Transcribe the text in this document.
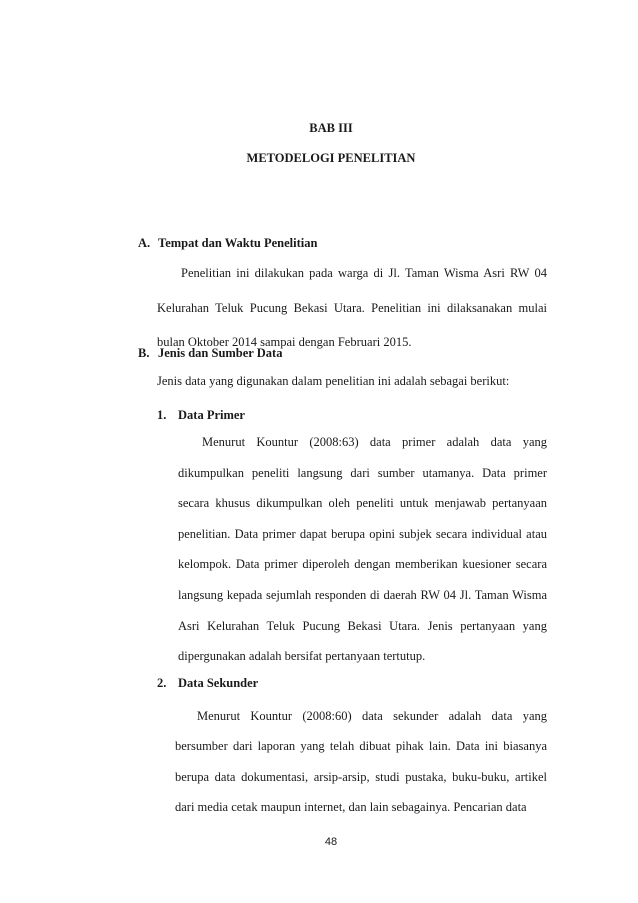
BAB III
METODELOGI PENELITIAN
A. Tempat dan Waktu Penelitian

Penelitian ini dilakukan pada warga di Jl. Taman Wisma Asri RW 04 Kelurahan Teluk Pucung Bekasi Utara. Penelitian ini dilaksanakan mulai bulan Oktober 2014 sampai dengan Februari 2015.

B. Jenis dan Sumber Data

Jenis data yang digunakan dalam penelitian ini adalah sebagai berikut:

1. Data Primer

Menurut Kountur (2008:63) data primer adalah data yang dikumpulkan peneliti langsung dari sumber utamanya. Data primer secara khusus dikumpulkan oleh peneliti untuk menjawab pertanyaan penelitian. Data primer dapat berupa opini subjek secara individual atau kelompok. Data primer diperoleh dengan memberikan kuesioner secara langsung kepada sejumlah responden di daerah RW 04 Jl. Taman Wisma Asri Kelurahan Teluk Pucung Bekasi Utara. Jenis pertanyaan yang dipergunakan adalah bersifat pertanyaan tertutup.

2. Data Sekunder

Menurut Kountur (2008:60) data sekunder adalah data yang bersumber dari laporan yang telah dibuat pihak lain. Data ini biasanya berupa data dokumentasi, arsip-arsip, studi pustaka, buku-buku, artikel dari media cetak maupun internet, dan lain sebagainya. Pencarian data

48
